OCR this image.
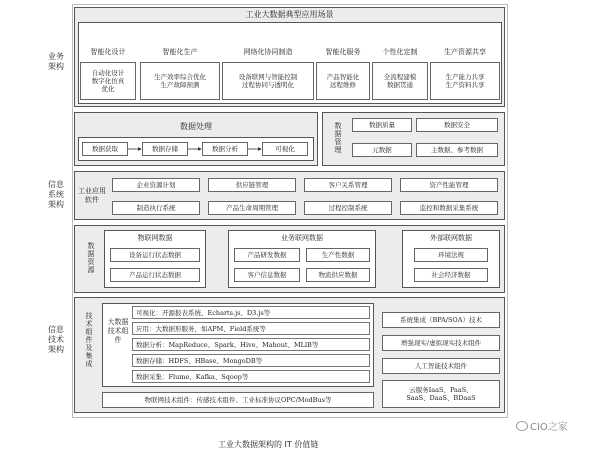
业务架构
信息系统架构
信息技术架构
工业大数据典型应用场景
智能化设计	智能化生产	网络化协同制造	智能化服务	个性化定制	生产资源共享
自动化设计
数字化仿真
优化
生产效率综合优化
生产故障预测
设备联网与智能控制
过程协同与透明化
产品智能化
远程维修
全流程建模
数据贯通
生产能力共享
生产资料共享
数据处理
数据获取	数据存储	数据分析	可视化
数据管理
数据质量	数据安全
元数据	主数据、参考数据
工业应用软件
企业资源计划	供应链管理	客户关系管理	资产性能管理
制造执行系统	产品生命周期管理	过程控制系统	监控和数据采集系统
数据资源
物联网数据
设备运行状态数据
产品运行状态数据
业务联网数据
产品研发数据	生产性数据
客户信息数据	物流供应数据
外部联网数据
环境法规
社会经济数据
技术组件及集成
大数据技术组件
可视化：开源报表系统、Echarts.js、D3.js等
应用：大数据形服务，如APM、Field系统等
数据分析：MapReduce、Spark、Hive、Mahout、MLlB等
数据存储：HDFS、HBase、MongoDB等
数据采集：Flume、Kafka、Sqoop等
物联网技术组件：传感技术组件、工业标准协议OPC/ModBus等
系统集成（BPA/SOA）技术
增强现实/虚拟现实技术组件
人工智能技术组件
云服务IaaS、PaaS、
SaaS、DaaS、BDaaS
工业大数据架构的 IT 价值链
CIO之家
